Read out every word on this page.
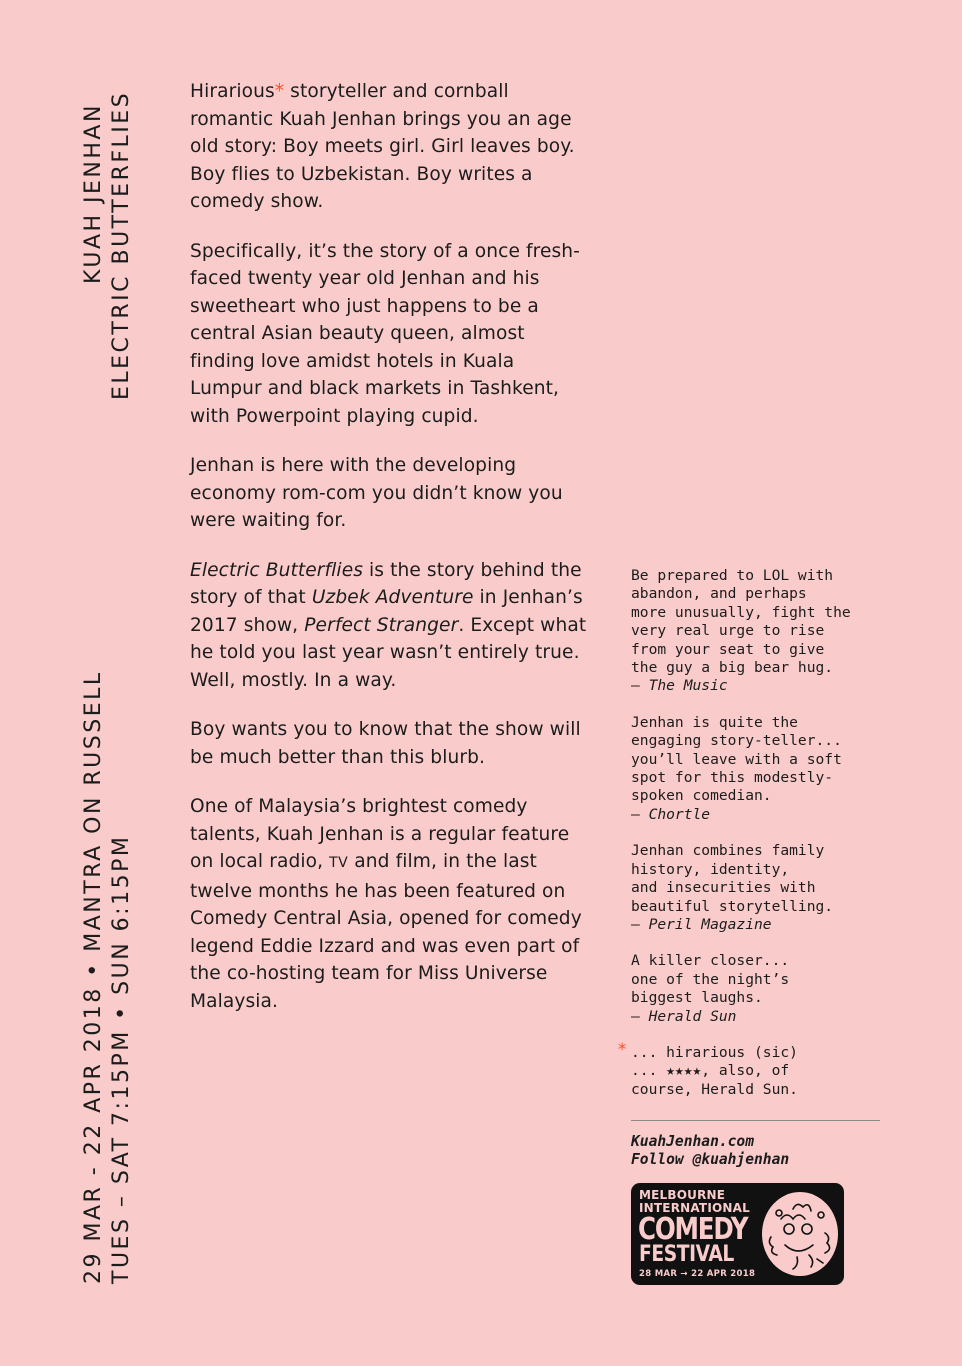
KUAH JENHAN ELECTRIC BUTTERFLIES
29 MAR - 22 APR 2018 • MANTRA ON RUSSELL TUES – SAT 7:15PM • SUN 6:15PM

Hirarious* storyteller and cornball romantic Kuah Jenhan brings you an age old story: Boy meets girl. Girl leaves boy. Boy flies to Uzbekistan. Boy writes a comedy show.

Specifically, it’s the story of a once fresh-faced twenty year old Jenhan and his sweetheart who just happens to be a central Asian beauty queen, almost finding love amidst hotels in Kuala Lumpur and black markets in Tashkent, with Powerpoint playing cupid.

Jenhan is here with the developing economy rom-com you didn’t know you were waiting for.

Electric Butterflies is the story behind the story of that Uzbek Adventure in Jenhan’s 2017 show, Perfect Stranger. Except what he told you last year wasn’t entirely true. Well, mostly. In a way.

Boy wants you to know that the show will be much better than this blurb.

One of Malaysia’s brightest comedy talents, Kuah Jenhan is a regular feature on local radio, TV and film, in the last twelve months he has been featured on Comedy Central Asia, opened for comedy legend Eddie Izzard and was even part of the co-hosting team for Miss Universe Malaysia.

Be prepared to LOL with
abandon, and perhaps
more unusually, fight the
very real urge to rise
from your seat to give
the guy a big bear hug.
– The Music
Jenhan is quite the
engaging story-teller...
you’ll leave with a soft
spot for this modestly-
spoken comedian.
– Chortle
Jenhan combines family
history, identity,
and insecurities with
beautiful storytelling.
– Peril Magazine
A killer closer...
one of the night’s
biggest laughs.
– Herald Sun
* ... hirarious (sic)
... ★★★★, also, of
course, Herald Sun.
KuahJenhan.com
Follow @kuahjenhan
MELBOURNE
INTERNATIONAL
COMEDY
FESTIVAL
28 MAR → 22 APR 2018
